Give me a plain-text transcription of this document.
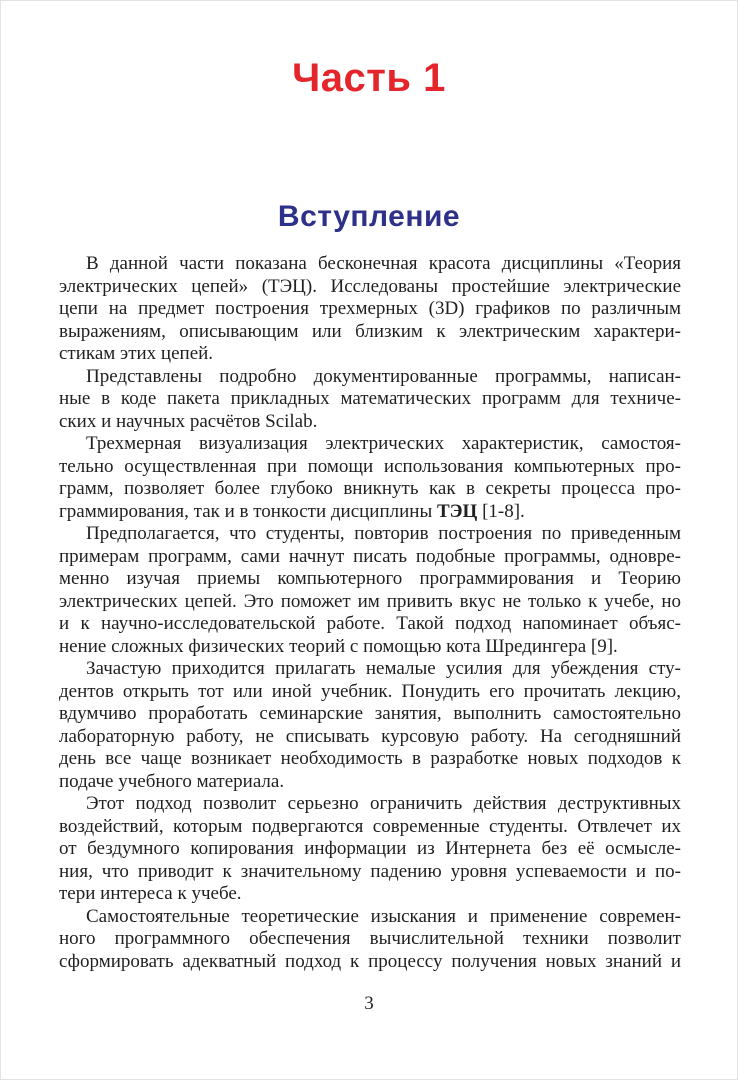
Часть 1
Вступление
В данной части показана бесконечная красота дисциплины «Теория
электрических цепей» (ТЭЦ). Исследованы простейшие электрические
цепи на предмет построения трехмерных (3D) графиков по различным
выражениям, описывающим или близким к электрическим характери-
стикам этих цепей.
Представлены подробно документированные программы, написан-
ные в коде пакета прикладных математических программ для техниче-
ских и научных расчётов Scilab.
Трехмерная визуализация электрических характеристик, самостоя-
тельно осуществленная при помощи использования компьютерных про-
грамм, позволяет более глубоко вникнуть как в секреты процесса про-
граммирования, так и в тонкости дисциплины ТЭЦ [1-8].
Предполагается, что студенты, повторив построения по приведенным
примерам программ, сами начнут писать подобные программы, одновре-
менно изучая приемы компьютерного программирования и Теорию
электрических цепей. Это поможет им привить вкус не только к учебе, но
и к научно-исследовательской работе. Такой подход напоминает объяс-
нение сложных физических теорий с помощью кота Шредингера [9].
Зачастую приходится прилагать немалые усилия для убеждения сту-
дентов открыть тот или иной учебник. Понудить его прочитать лекцию,
вдумчиво проработать семинарские занятия, выполнить самостоятельно
лабораторную работу, не списывать курсовую работу. На сегодняшний
день все чаще возникает необходимость в разработке новых подходов к
подаче учебного материала.
Этот подход позволит серьезно ограничить действия деструктивных
воздействий, которым подвергаются современные студенты. Отвлечет их
от бездумного копирования информации из Интернета без её осмысле-
ния, что приводит к значительному падению уровня успеваемости и по-
тери интереса к учебе.
Самостоятельные теоретические изыскания и применение современ-
ного программного обеспечения вычислительной техники позволит
сформировать адекватный подход к процессу получения новых знаний и
3
